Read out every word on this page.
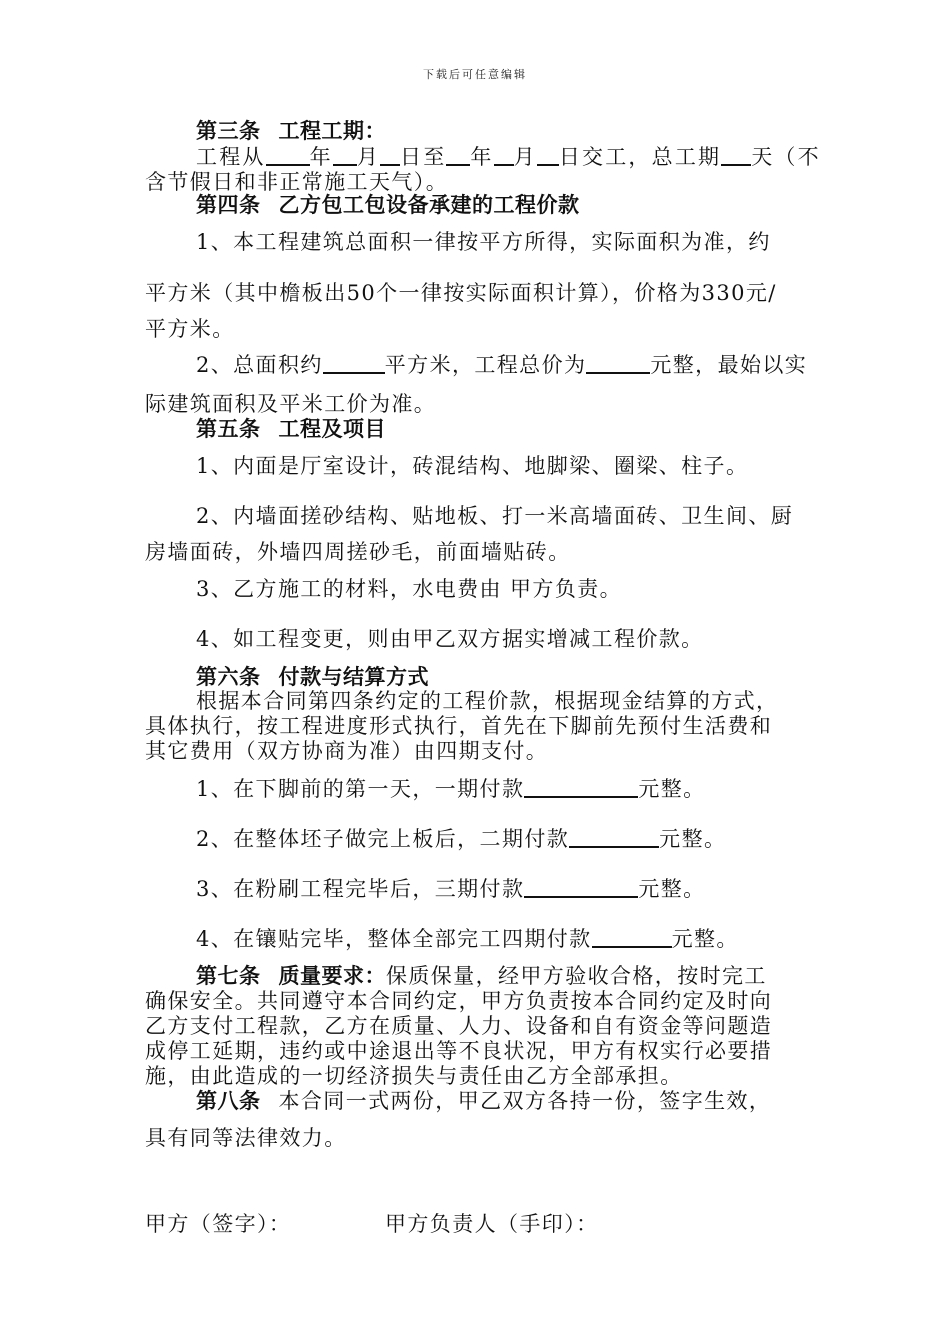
下载后可任意编辑
第三条 工程工期：
工程从 年 月 日至 年 月 日交工，总工期 天（不
含节假日和非正常施工天气）。
第四条 乙方包工包设备承建的工程价款
1、本工程建筑总面积一律按平方所得，实际面积为准，约
平方米（其中檐板出50个一律按实际面积计算），价格为330元/
平方米。
2、总面积约	平方米，工程总价为	元整，最始以实
际建筑面积及平米工价为准。
第五条 工程及项目
1、内面是厅室设计，砖混结构、地脚梁、圈梁、柱子。
2、内墙面搓砂结构、贴地板、打一米高墙面砖、卫生间、厨
房墙面砖，外墙四周搓砂毛，前面墙贴砖。
3、乙方施工的材料，水电费由 甲方负责。
4、如工程变更，则由甲乙双方据实增减工程价款。
第六条 付款与结算方式
根据本合同第四条约定的工程价款，根据现金结算的方式，
具体执行，按工程进度形式执行，首先在下脚前先预付生活费和
其它费用（双方协商为准）由四期支付。
1、在下脚前的第一天，一期付款	元整。
2、在整体坯子做完上板后，二期付款	元整。
3、在粉刷工程完毕后，三期付款	元整。
4、在镶贴完毕，整体全部完工四期付款	元整。
第七条 质量要求：保质保量，经甲方验收合格，按时完工
确保安全。共同遵守本合同约定，甲方负责按本合同约定及时向
乙方支付工程款，乙方在质量、人力、设备和自有资金等问题造
成停工延期，违约或中途退出等不良状况，甲方有权实行必要措
施，由此造成的一切经济损失与责任由乙方全部承担。
第八条 本合同一式两份，甲乙双方各持一份，签字生效，
具有同等法律效力。
甲方（签字）：	甲方负责人（手印）：
